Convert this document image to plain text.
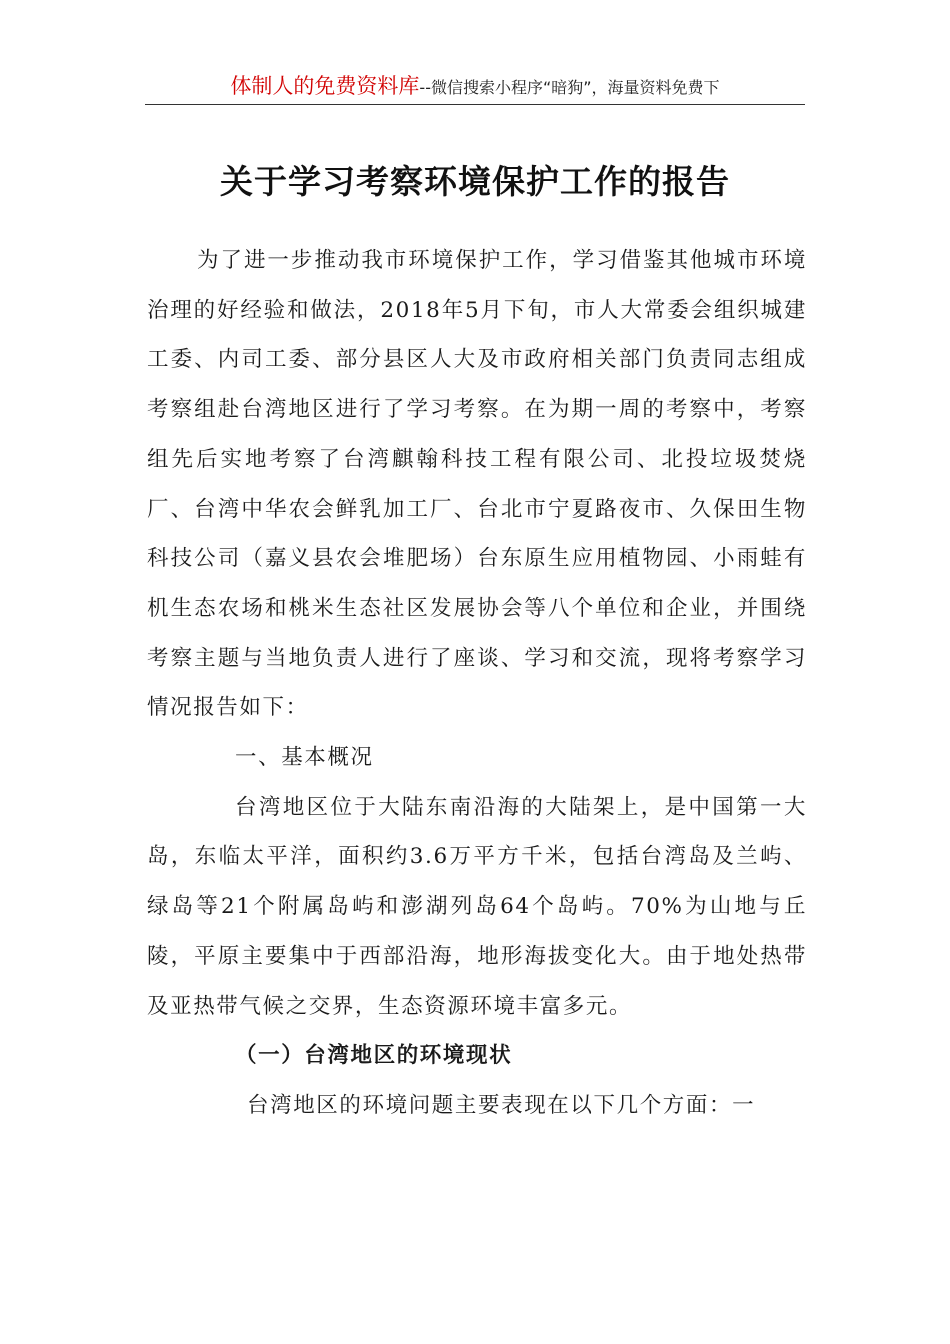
体制人的免费资料库--微信搜索小程序“暗狗”，海量资料免费下
关于学习考察环境保护工作的报告

为了进一步推动我市环境保护工作，学习借鉴其他城市环境治理的好经验和做法，2018年5月下旬，市人大常委会组织城建工委、内司工委、部分县区人大及市政府相关部门负责同志组成考察组赴台湾地区进行了学习考察。在为期一周的考察中，考察组先后实地考察了台湾麒翰科技工程有限公司、北投垃圾焚烧厂、台湾中华农会鲜乳加工厂、台北市宁夏路夜市、久保田生物科技公司（嘉义县农会堆肥场）台东原生应用植物园、小雨蛙有机生态农场和桃米生态社区发展协会等八个单位和企业，并围绕考察主题与当地负责人进行了座谈、学习和交流，现将考察学习情况报告如下：

一、基本概况

台湾地区位于大陆东南沿海的大陆架上，是中国第一大岛，东临太平洋，面积约3.6万平方千米，包括台湾岛及兰屿、绿岛等21个附属岛屿和澎湖列岛64个岛屿。70%为山地与丘陵，平原主要集中于西部沿海，地形海拔变化大。由于地处热带及亚热带气候之交界，生态资源环境丰富多元。

（一）台湾地区的环境现状

台湾地区的环境问题主要表现在以下几个方面：一
